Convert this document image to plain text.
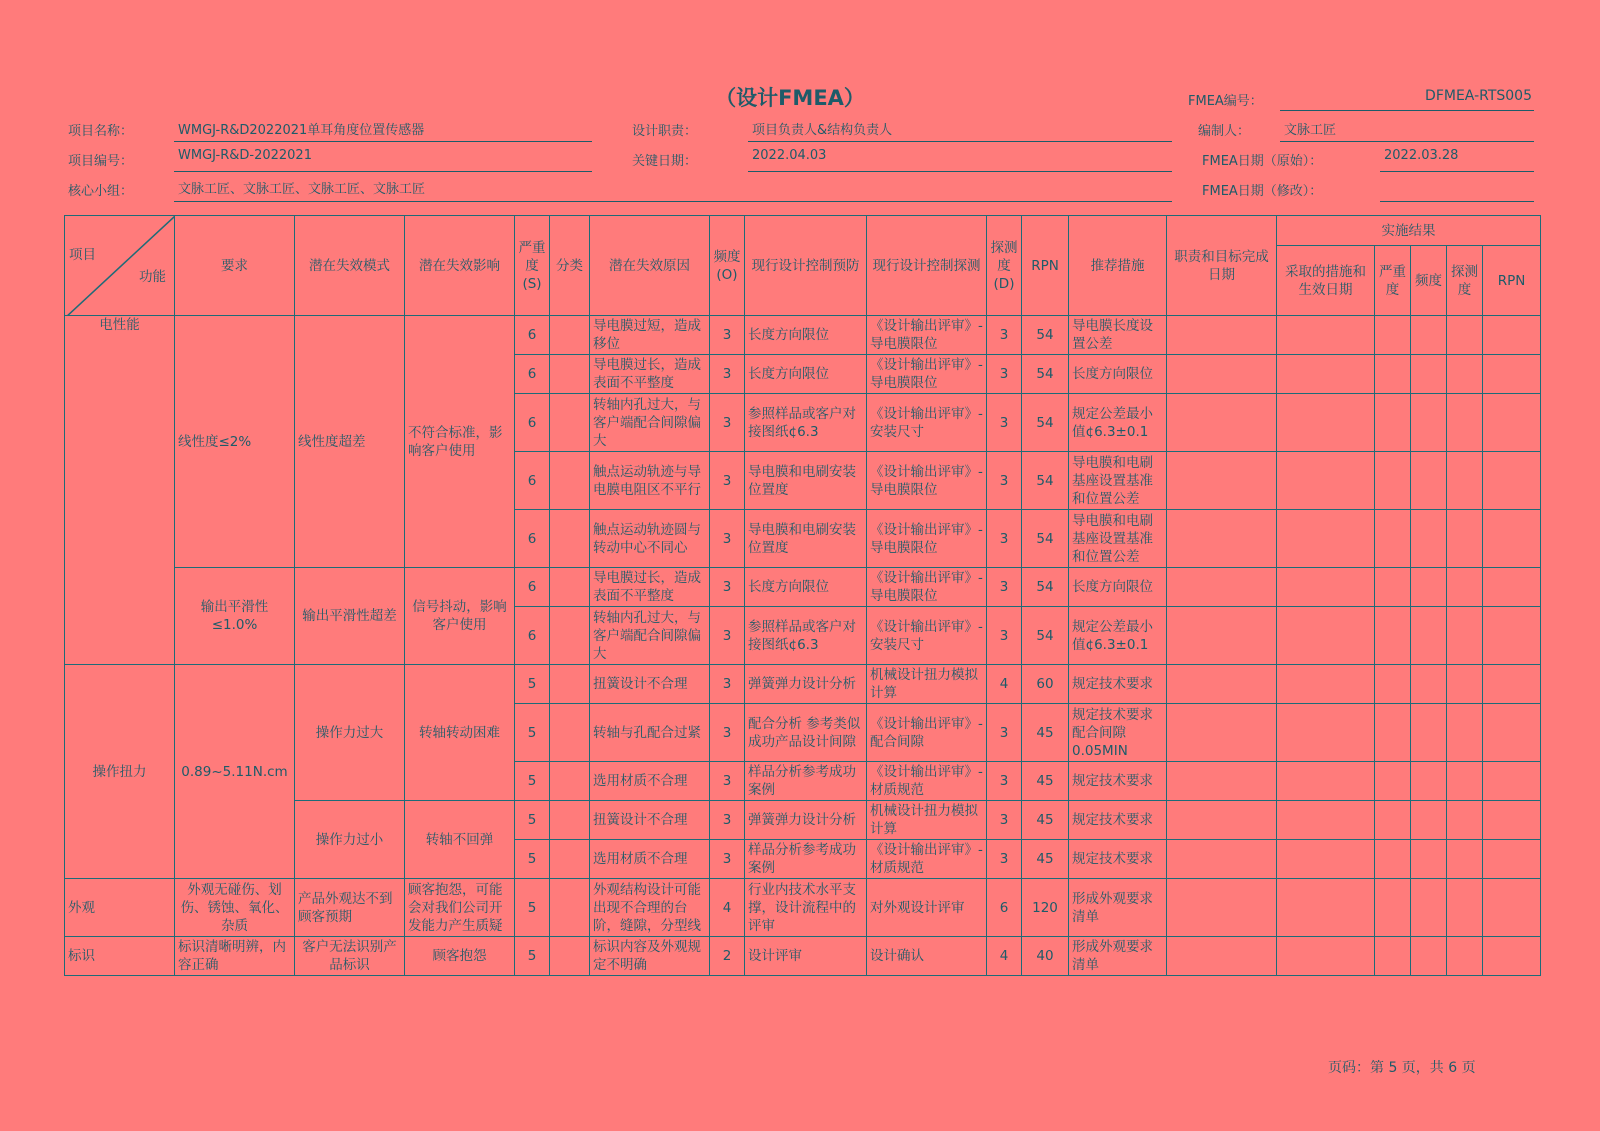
（设计FMEA）	FMEA编号：	DFMEA-RTS005
项目名称：	WMGJ-R&D2022021单耳角度位置传感器	设计职责：	项目负责人&结构负责人	编制人：	文脉工匠
项目编号：	WMGJ-R&D-2022021	关键日期：	2022.04.03	FMEA日期（原始）：	2022.03.28
核心小组：	文脉工匠、文脉工匠、文脉工匠、文脉工匠	FMEA日期（修改）：
项目
功能	要求	潜在失效模式	潜在失效影响	严重度(S)	分类	潜在失效原因	频度(O)	现行设计控制预防	现行设计控制探测	探测度(D)	RPN	推荐措施	职责和目标完成日期	实施结果				
														采取的措施和生效日期	严重度	频度	探测度	RPN
电性能	线性度≤2%	线性度超差	不符合标准，影响客户使用	6		导电膜过短，造成移位	3	长度方向限位	《设计输出评审》-导电膜限位	3	54	导电膜长度设置公差						
				6		导电膜过长，造成表面不平整度	3	长度方向限位	《设计输出评审》-导电膜限位	3	54	长度方向限位						
				6		转轴内孔过大，与客户端配合间隙偏大	3	参照样品或客户对接图纸¢6.3	《设计输出评审》-安装尺寸	3	54	规定公差最小值¢6.3±0.1						
				6		触点运动轨迹与导电膜电阻区不平行	3	导电膜和电刷安装位置度	《设计输出评审》-导电膜限位	3	54	导电膜和电刷基座设置基准和位置公差						
				6		触点运动轨迹圆与转动中心不同心	3	导电膜和电刷安装位置度	《设计输出评审》-导电膜限位	3	54	导电膜和电刷基座设置基准和位置公差						
	输出平滑性≤1.0%	输出平滑性超差	信号抖动，影响客户使用	6		导电膜过长，造成表面不平整度	3	长度方向限位	《设计输出评审》-导电膜限位	3	54	长度方向限位						
				6		转轴内孔过大，与客户端配合间隙偏大	3	参照样品或客户对接图纸¢6.3	《设计输出评审》-安装尺寸	3	54	规定公差最小值¢6.3±0.1						
操作扭力	0.89~5.11N.cm	操作力过大	转轴转动困难	5		扭簧设计不合理	3	弹簧弹力设计分析	机械设计扭力模拟计算	4	60	规定技术要求						
				5		转轴与孔配合过紧	3	配合分析 参考类似成功产品设计间隙	《设计输出评审》-配合间隙	3	45	规定技术要求配合间隙0.05MIN						
				5		选用材质不合理	3	样品分析参考成功案例	《设计输出评审》-材质规范	3	45	规定技术要求						
		操作力过小	转轴不回弹	5		扭簧设计不合理	3	弹簧弹力设计分析	机械设计扭力模拟计算	3	45	规定技术要求						
				5		选用材质不合理	3	样品分析参考成功案例	《设计输出评审》-材质规范	3	45	规定技术要求						
外观	外观无碰伤、划伤、锈蚀、氧化、杂质	产品外观达不到顾客预期	顾客抱怨，可能会对我们公司开发能力产生质疑	5		外观结构设计可能出现不合理的台阶，缝隙，分型线	4	行业内技术水平支撑，设计流程中的评审	对外观设计评审	6	120	形成外观要求清单						
标识	标识清晰明辨，内容正确	客户无法识别产品标识	顾客抱怨	5		标识内容及外观规定不明确	2	设计评审	设计确认	4	40	形成外观要求清单						
页码：第 5 页，共 6 页
